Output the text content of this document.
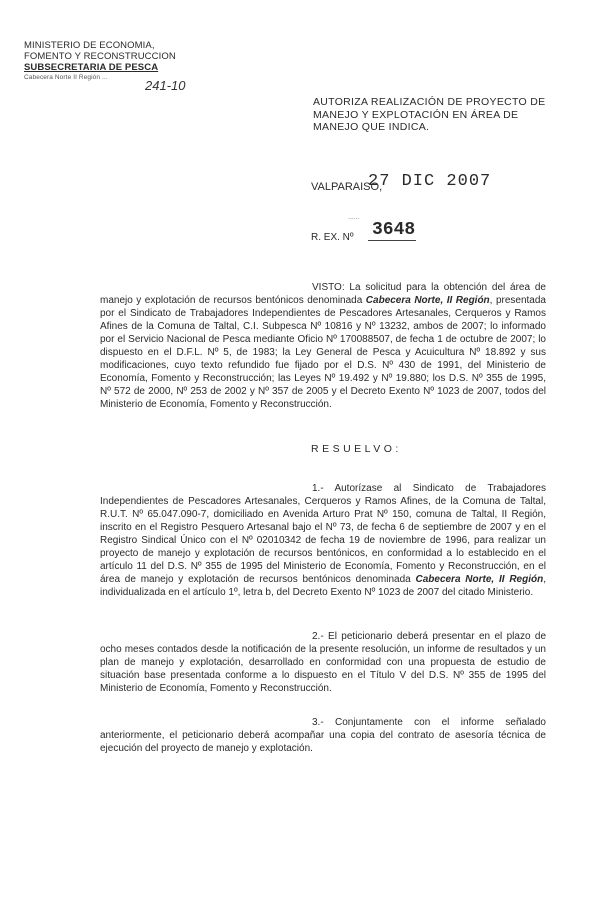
MINISTERIO DE ECONOMIA,
FOMENTO Y RECONSTRUCCION
SUBSECRETARIA DE PESCA
Cabecera Norte II Región ...
241-10
AUTORIZA REALIZACIÓN DE PROYECTO DE
MANEJO Y EXPLOTACIÓN EN ÁREA DE
MANEJO QUE INDICA.
VALPARAISO,
27 DIC 2007
......
R. EX. Nº 3648

VISTO: La solicitud para la obtención del área de manejo y explotación de recursos bentónicos denominada Cabecera Norte, II Región, presentada por el Sindicato de Trabajadores Independientes de Pescadores Artesanales, Cerqueros y Ramos Afines de la Comuna de Taltal, C.I. Subpesca Nº 10816 y Nº 13232, ambos de 2007; lo informado por el Servicio Nacional de Pesca mediante Oficio Nº 170088507, de fecha 1 de octubre de 2007; lo dispuesto en el D.F.L. Nº 5, de 1983; la Ley General de Pesca y Acuicultura Nº 18.892 y sus modificaciones, cuyo texto refundido fue fijado por el D.S. Nº 430 de 1991, del Ministerio de Economía, Fomento y Reconstrucción; las Leyes Nº 19.492 y Nº 19.880; los D.S. Nº 355 de 1995, Nº 572 de 2000, Nº 253 de 2002 y Nº 357 de 2005 y el Decreto Exento Nº 1023 de 2007, todos del Ministerio de Economía, Fomento y Reconstrucción.

RESUELVO:

1.- Autorízase al Sindicato de Trabajadores Independientes de Pescadores Artesanales, Cerqueros y Ramos Afines, de la Comuna de Taltal, R.U.T. Nº 65.047.090-7, domiciliado en Avenida Arturo Prat Nº 150, comuna de Taltal, II Región, inscrito en el Registro Pesquero Artesanal bajo el Nº 73, de fecha 6 de septiembre de 2007 y en el Registro Sindical Único con el Nº 02010342 de fecha 19 de noviembre de 1996, para realizar un proyecto de manejo y explotación de recursos bentónicos, en conformidad a lo establecido en el artículo 11 del D.S. Nº 355 de 1995 del Ministerio de Economía, Fomento y Reconstrucción, en el área de manejo y explotación de recursos bentónicos denominada Cabecera Norte, II Región, individualizada en el artículo 1º, letra b, del Decreto Exento Nº 1023 de 2007 del citado Ministerio.

2.- El peticionario deberá presentar en el plazo de ocho meses contados desde la notificación de la presente resolución, un informe de resultados y un plan de manejo y explotación, desarrollado en conformidad con una propuesta de estudio de situación base presentada conforme a lo dispuesto en el Título V del D.S. Nº 355 de 1995 del Ministerio de Economía, Fomento y Reconstrucción.

3.- Conjuntamente con el informe señalado anteriormente, el peticionario deberá acompañar una copia del contrato de asesoría técnica de ejecución del proyecto de manejo y explotación.
